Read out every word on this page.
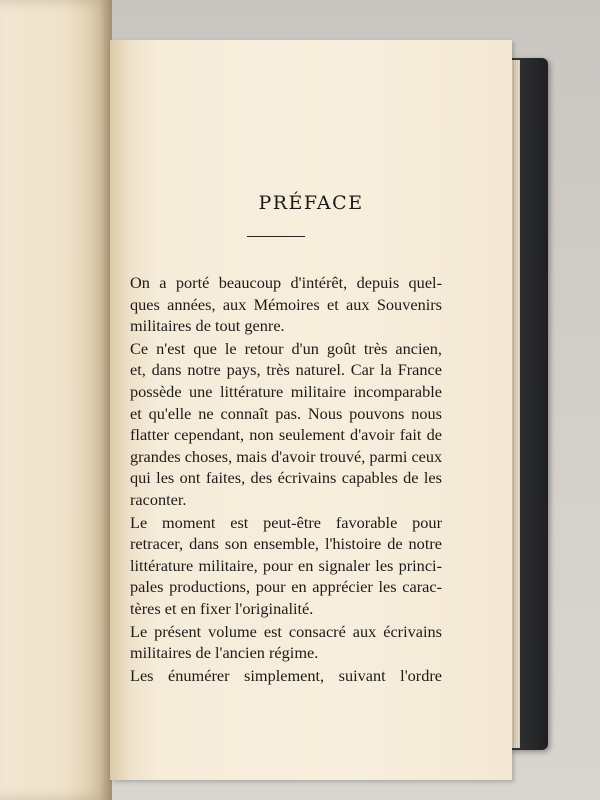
PRÉFACE
On a porté beaucoup d'intérêt, depuis quel-
ques années, aux Mémoires et aux Souvenirs
militaires de tout genre.
Ce n'est que le retour d'un goût très ancien,
et, dans notre pays, très naturel. Car la France
possède une littérature militaire incomparable
et qu'elle ne connaît pas. Nous pouvons nous
flatter cependant, non seulement d'avoir fait de
grandes choses, mais d'avoir trouvé, parmi ceux
qui les ont faites, des écrivains capables de les
raconter.
Le moment est peut-être favorable pour
retracer, dans son ensemble, l'histoire de notre
littérature militaire, pour en signaler les princi-
pales productions, pour en apprécier les carac-
tères et en fixer l'originalité.
Le présent volume est consacré aux écrivains
militaires de l'ancien régime.
Les énumérer simplement, suivant l'ordre
